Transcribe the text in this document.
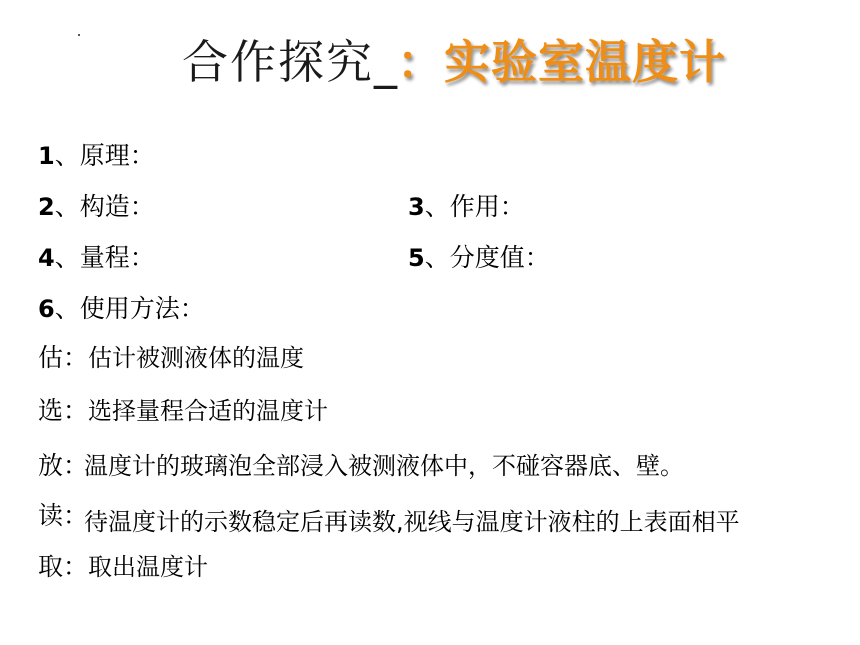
合作探究 _ ：实验室温度计
1、原理：
2、构造：	3、作用：
4、量程：	5、分度值：
6、使用方法：
估：估计被测液体的温度
选：选择量程合适的温度计
放：温度计的玻璃泡全部浸入被测液体中，不碰容器底、壁。
读：待温度计的示数稳定后再读数,视线与温度计液柱的上表面相平
取：取出温度计
